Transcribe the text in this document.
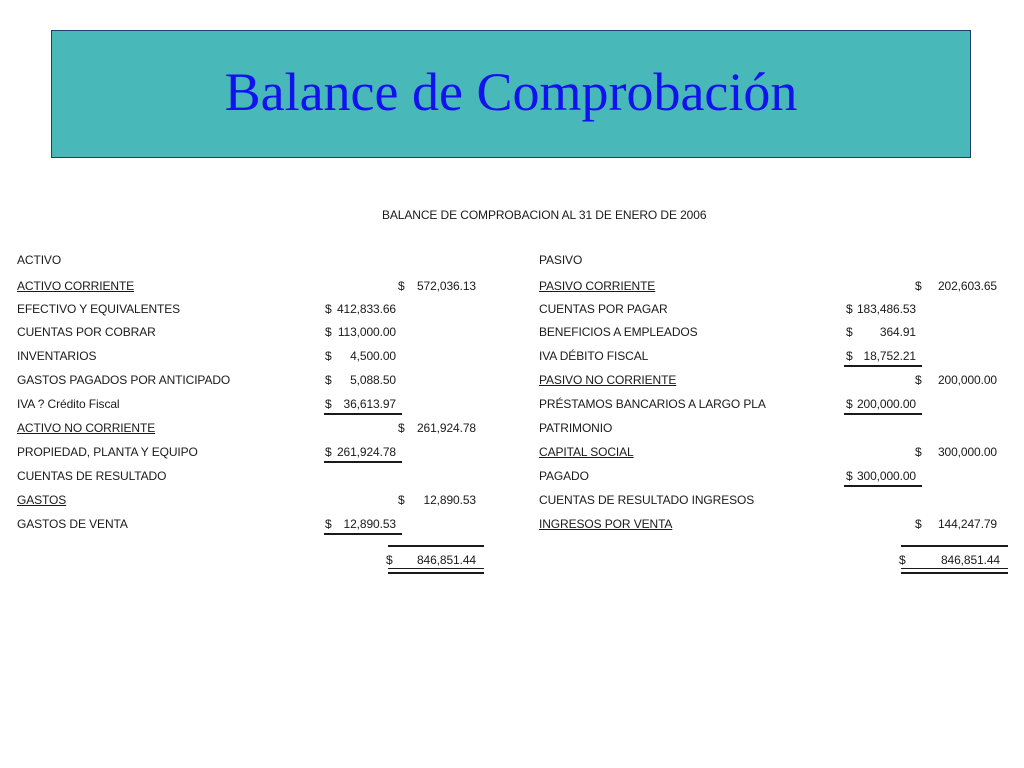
Balance de Comprobación
BALANCE DE COMPROBACION AL 31 DE ENERO DE 2006
ACTIVO
ACTIVO CORRIENTE	$	572,036.13
EFECTIVO Y EQUIVALENTES	$ 412,833.66
CUENTAS POR COBRAR	$ 113,000.00
INVENTARIOS	$	4,500.00
GASTOS PAGADOS POR ANTICIPADO	$	5,088.50
IVA ? Crédito Fiscal	$ 36,613.97
ACTIVO NO CORRIENTE	$	261,924.78
PROPIEDAD, PLANTA Y EQUIPO	$ 261,924.78
CUENTAS DE RESULTADO
GASTOS	$	12,890.53
GASTOS DE VENTA	$ 12,890.53
$	846,851.44
PASIVO
PASIVO CORRIENTE	$	202,603.65
CUENTAS POR PAGAR	$ 183,486.53
BENEFICIOS A EMPLEADOS	$	364.91
IVA DÉBITO FISCAL	$ 18,752.21
PASIVO NO CORRIENTE	$	200,000.00
PRÉSTAMOS BANCARIOS A LARGO PLA	$ 200,000.00
PATRIMONIO
CAPITAL SOCIAL	$	300,000.00
PAGADO	$ 300,000.00
CUENTAS DE RESULTADO INGRESOS
INGRESOS POR VENTA	$	144,247.79
$	846,851.44
